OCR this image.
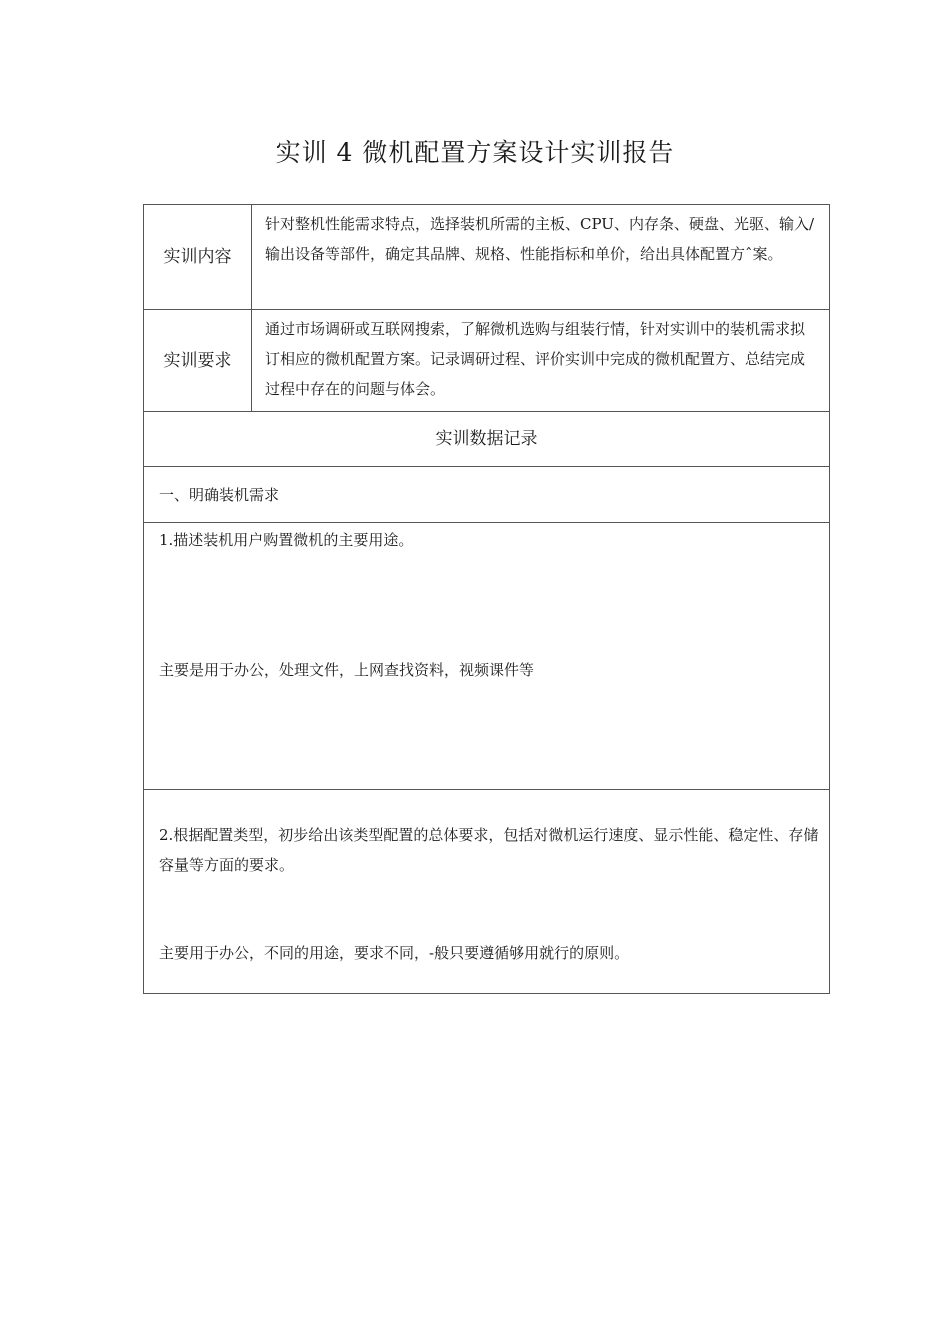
实训 4 微机配置方案设计实训报告
实训内容	针对整机性能需求特点，选择装机所需的主板、CPU、内存条、硬盘、光驱、输入/输出设备等部件，确定其品牌、规格、性能指标和单价，给出具体配置方ˆ案。
实训要求	通过市场调研或互联网搜索，了解微机选购与组装行情，针对实训中的装机需求拟订相应的微机配置方案。记录调研过程、评价实训中完成的微机配置方、总结完成过程中存在的问题与体会。
实训数据记录	
一、明确装机需求	

1.描述装机用户购置微机的主要用途。

主要是用于办公，处理文件，上网查找资料，视频课件等	

2.根据配置类型，初步给出该类型配置的总体要求，包括对微机运行速度、显示性能、稳定性、存储容量等方面的要求。

主要用于办公，不同的用途，要求不同，-般只要遵循够用就行的原则。	
